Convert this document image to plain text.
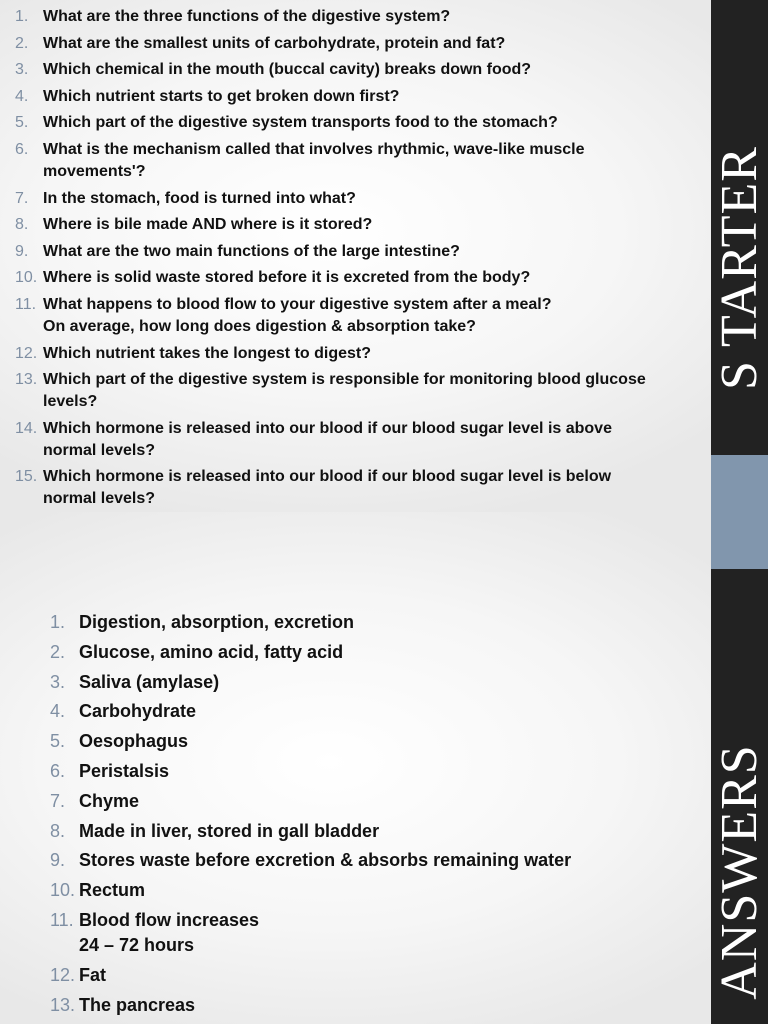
1. What are the three functions of the digestive system?
2. What are the smallest units of carbohydrate, protein and fat?
3. Which chemical in the mouth (buccal cavity) breaks down food?
4. Which nutrient starts to get broken down first?
5. Which part of the digestive system transports food to the stomach?
6. What is the mechanism called that involves rhythmic, wave-like muscle
movements'?
7. In the stomach, food is turned into what?
8. Where is bile made AND where is it stored?
9. What are the two main functions of the large intestine?
10. Where is solid waste stored before it is excreted from the body?
11. What happens to blood flow to your digestive system after a meal?
On average, how long does digestion & absorption take?
12. Which nutrient takes the longest to digest?
13. Which part of the digestive system is responsible for monitoring blood glucose
levels?
14. Which hormone is released into our blood if our blood sugar level is above
normal levels?
15. Which hormone is released into our blood if our blood sugar level is below
normal levels?
S TARTER
1. Digestion, absorption, excretion
2. Glucose, amino acid, fatty acid
3. Saliva (amylase)
4. Carbohydrate
5. Oesophagus
6. Peristalsis
7. Chyme
8. Made in liver, stored in gall bladder
9. Stores waste before excretion & absorbs remaining water
10. Rectum
11. Blood flow increases
24 – 72 hours
12. Fat
13. The pancreas
ANSWERS
